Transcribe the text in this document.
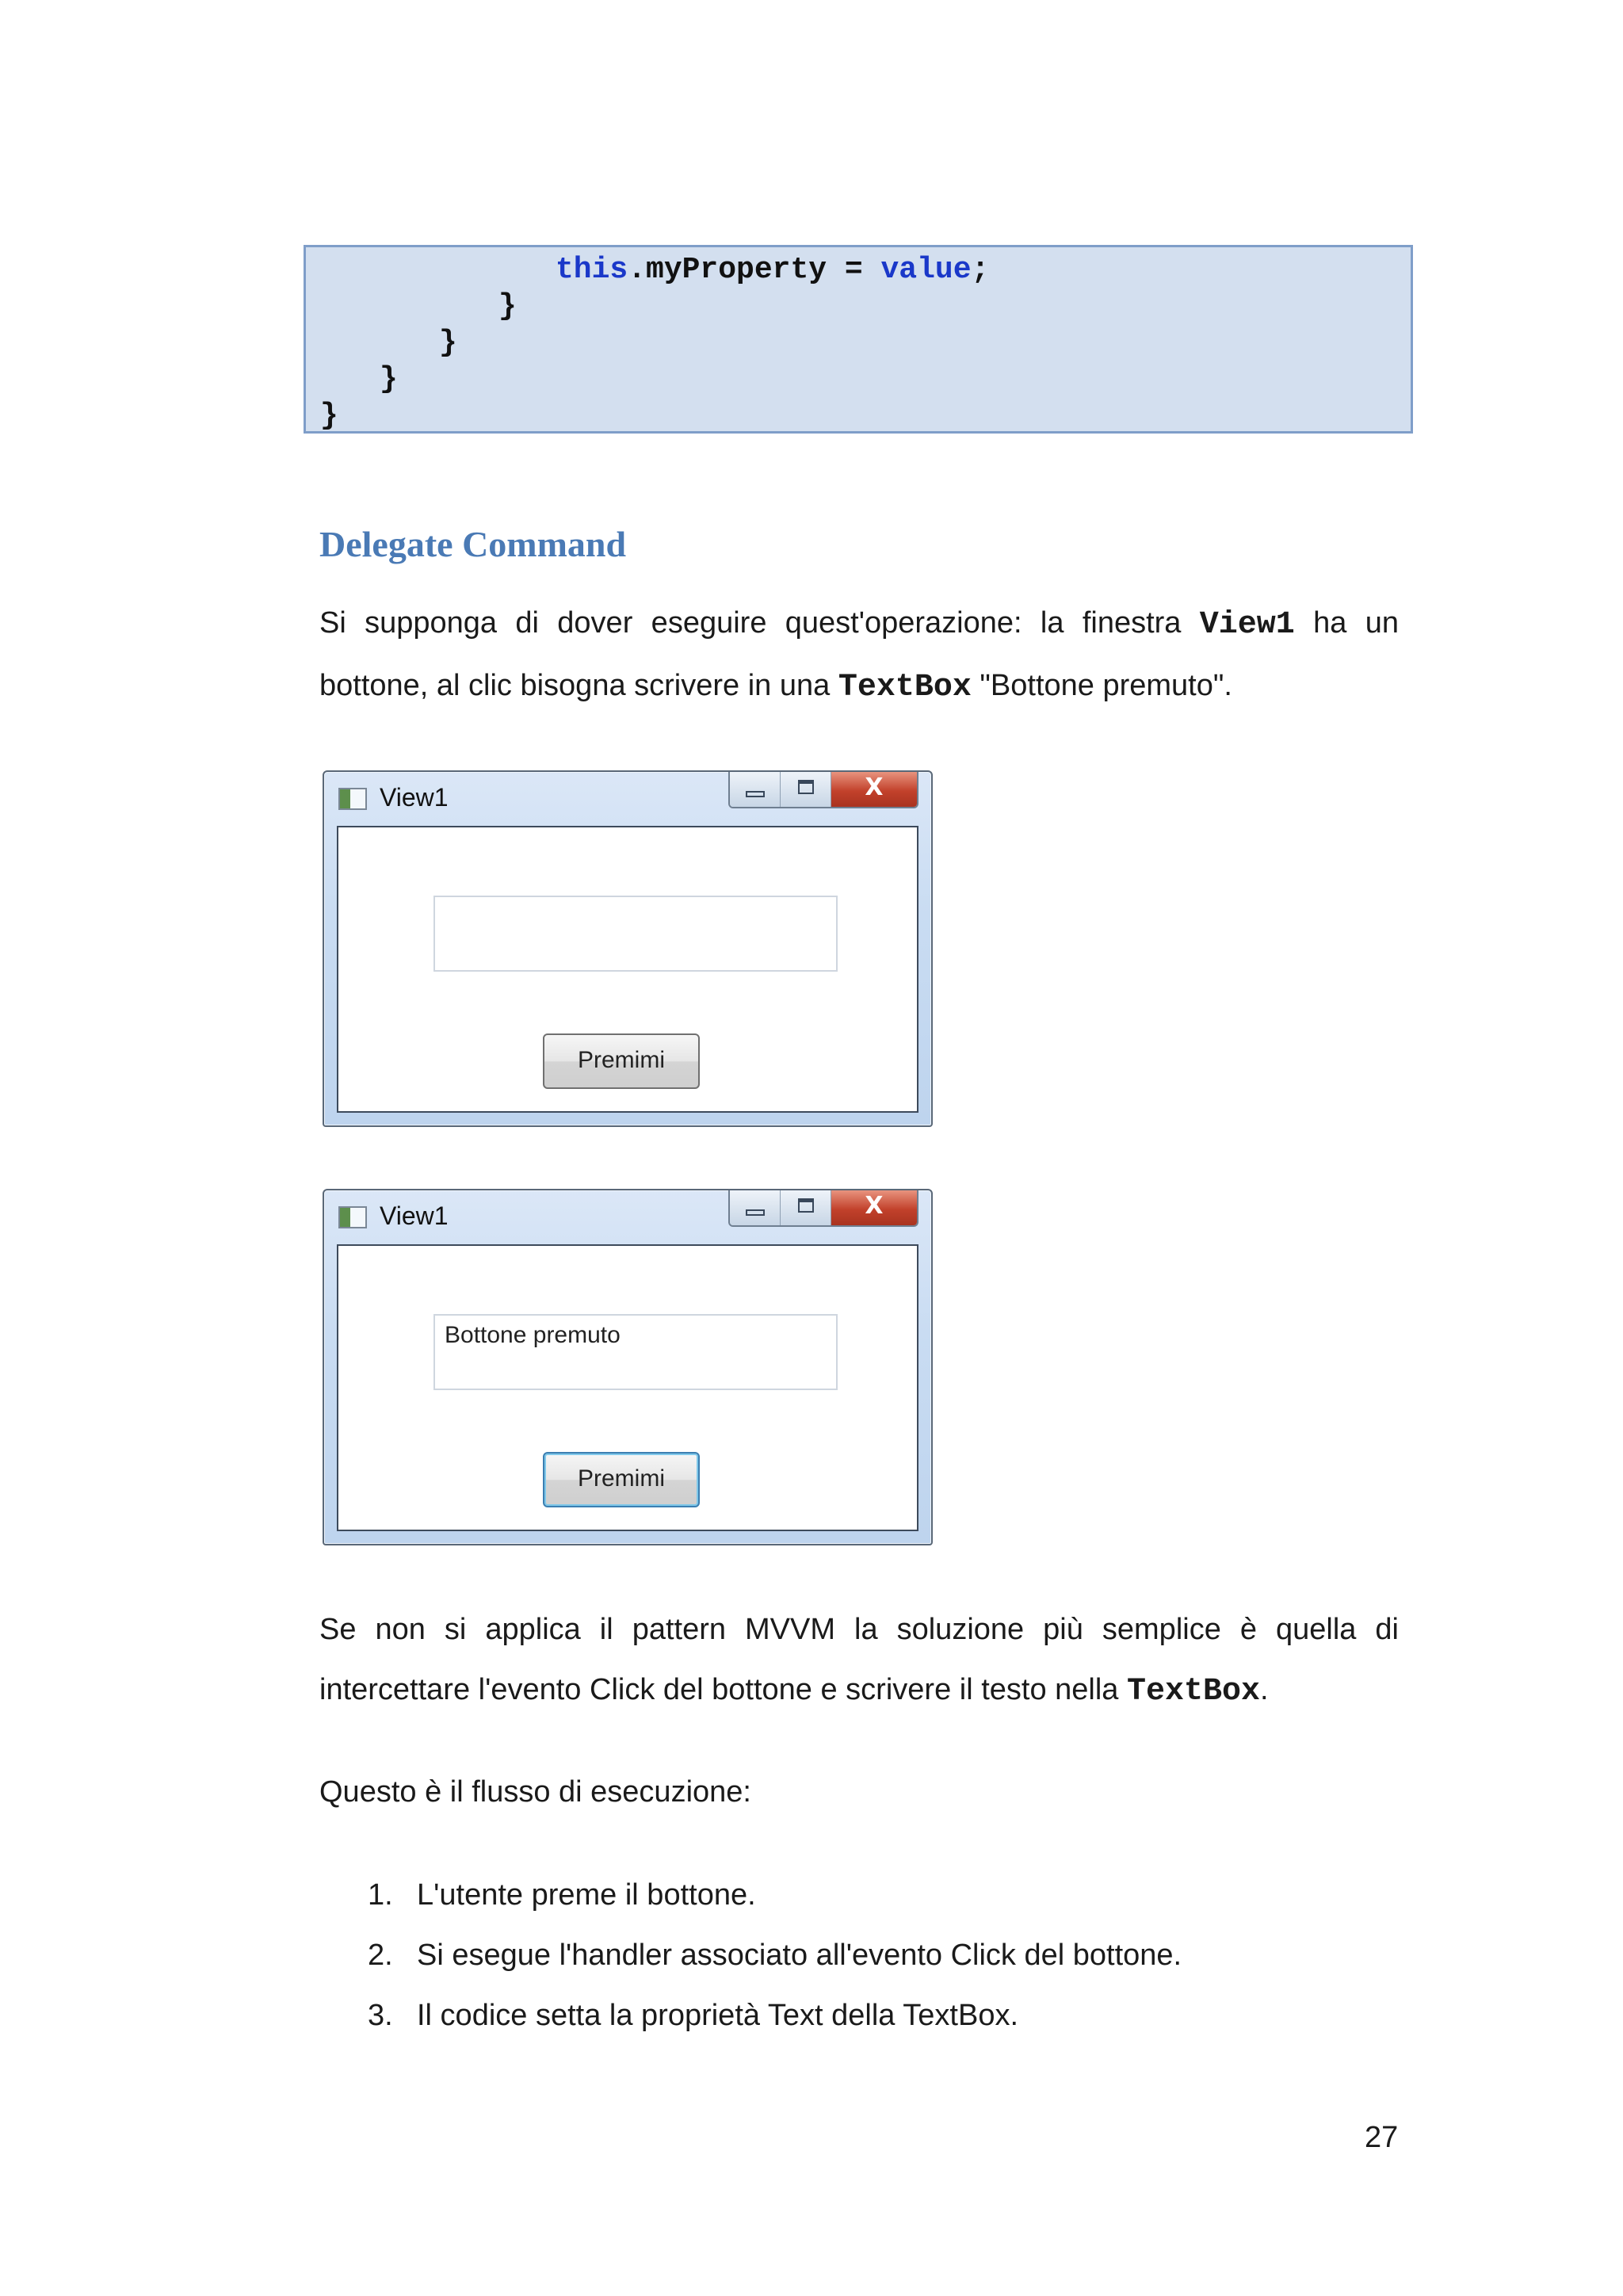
this.myProperty = value;
}
}
}
}
Delegate Command
Si supponga di dover eseguire quest'operazione: la finestra View1 ha un bottone, al clic bisogna scrivere in una TextBox "Bottone premuto".
View1	X
Premimi
View1	X
Bottone premuto
Premimi
Se non si applica il pattern MVVM la soluzione più semplice è quella di intercettare l'evento Click del bottone e scrivere il testo nella TextBox.
Questo è il flusso di esecuzione:
1. L'utente preme il bottone.
2. Si esegue l'handler associato all'evento Click del bottone.
3. Il codice setta la proprietà Text della TextBox.
27
